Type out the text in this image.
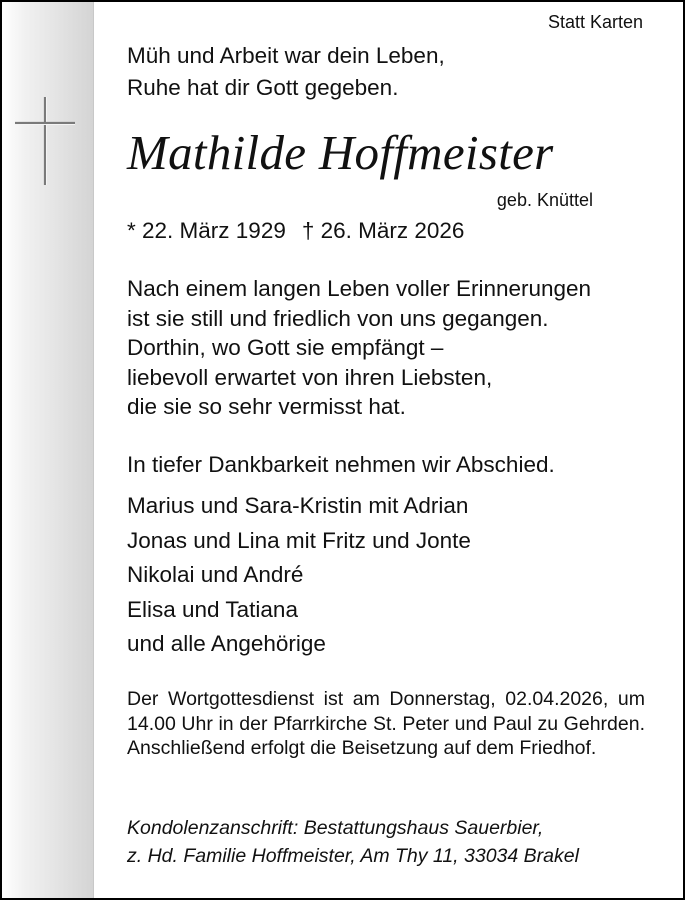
Statt Karten
Müh und Arbeit war dein Leben,
Ruhe hat dir Gott gegeben.
Mathilde Hoffmeister
geb. Knüttel
* 22. März 1929 † 26. März 2026
Nach einem langen Leben voller Erinnerungen
ist sie still und friedlich von uns gegangen.
Dorthin, wo Gott sie empfängt –
liebevoll erwartet von ihren Liebsten,
die sie so sehr vermisst hat.
In tiefer Dankbarkeit nehmen wir Abschied.
Marius und Sara-Kristin mit Adrian
Jonas und Lina mit Fritz und Jonte
Nikolai und André
Elisa und Tatiana
und alle Angehörige
Der Wortgottesdienst ist am Donnerstag, 02.04.2026, um 14.00 Uhr in der Pfarrkirche St. Peter und Paul zu Gehrden. Anschließend erfolgt die Beisetzung auf dem Friedhof.
Kondolenzanschrift: Bestattungshaus Sauerbier,
z. Hd. Familie Hoffmeister, Am Thy 11, 33034 Brakel
